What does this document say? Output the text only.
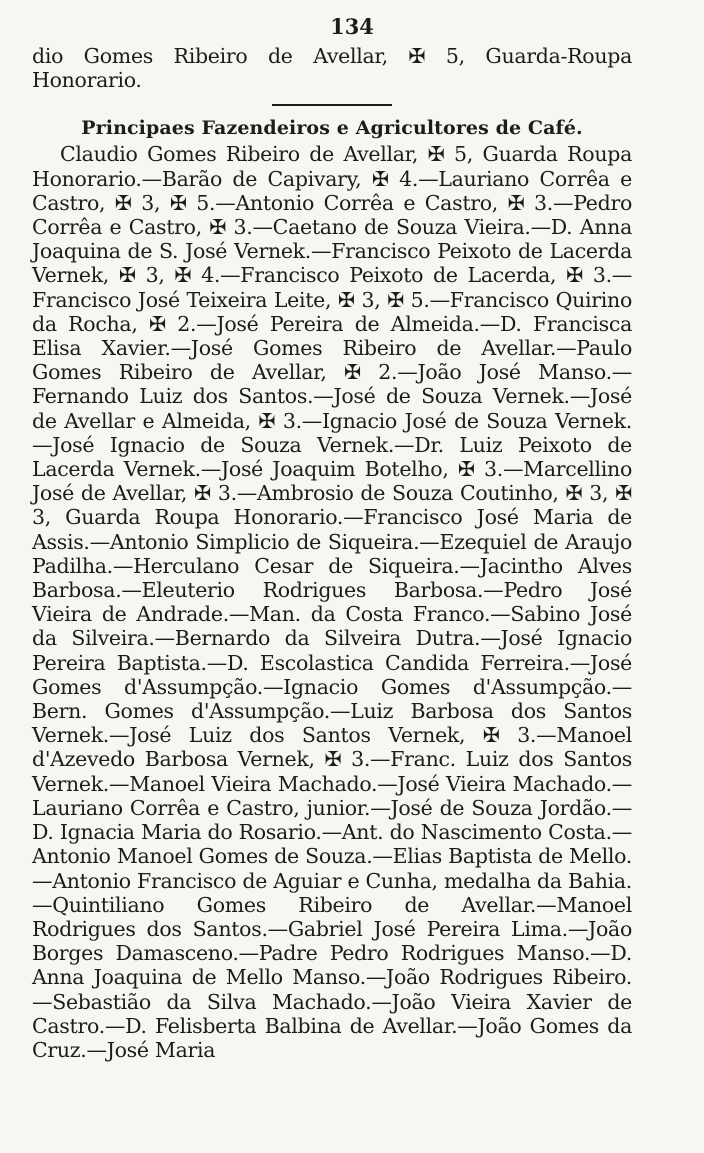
134
dio Gomes Ribeiro de Avellar, ✠ 5, Guarda-Roupa Honorario.
Principaes Fazendeiros e Agricultores de Café.
Claudio Gomes Ribeiro de Avellar, ✠ 5, Guarda Roupa Honorario.—Barão de Capivary, ✠ 4.—Lauriano Corrêa e Castro, ✠ 3, ✠ 5.—Antonio Corrêa e Castro, ✠ 3.—Pedro Corrêa e Castro, ✠ 3.—Caetano de Souza Vieira.—D. Anna Joaquina de S. José Vernek.—Francisco Peixoto de Lacerda Vernek, ✠ 3, ✠ 4.—Francisco Peixoto de Lacerda, ✠ 3.—Francisco José Teixeira Leite, ✠ 3, ✠ 5.—Francisco Quirino da Rocha, ✠ 2.—José Pereira de Almeida.—D. Francisca Elisa Xavier.—José Gomes Ribeiro de Avellar.—Paulo Gomes Ribeiro de Avellar, ✠ 2.—João José Manso.—Fernando Luiz dos Santos.—José de Souza Vernek.—José de Avellar e Almeida, ✠ 3.—Ignacio José de Souza Vernek.—José Ignacio de Souza Vernek.—Dr. Luiz Peixoto de Lacerda Vernek.—José Joaquim Botelho, ✠ 3.—Marcellino José de Avellar, ✠ 3.—Ambrosio de Souza Coutinho, ✠ 3, ✠ 3, Guarda Roupa Honorario.—Francisco José Maria de Assis.—Antonio Simplicio de Siqueira.—Ezequiel de Araujo Padilha.—Herculano Cesar de Siqueira.—Jacintho Alves Barbosa.—Eleuterio Rodrigues Barbosa.—Pedro José Vieira de Andrade.—Man. da Costa Franco.—Sabino José da Silveira.—Bernardo da Silveira Dutra.—José Ignacio Pereira Baptista.—D. Escolastica Candida Ferreira.—José Gomes d'Assumpção.—Ignacio Gomes d'Assumpção.—Bern. Gomes d'Assumpção.—Luiz Barbosa dos Santos Vernek.—José Luiz dos Santos Vernek, ✠ 3.—Manoel d'Azevedo Barbosa Vernek, ✠ 3.—Franc. Luiz dos Santos Vernek.—Manoel Vieira Machado.—José Vieira Machado.—Lauriano Corrêa e Castro, junior.—José de Souza Jordão.—D. Ignacia Maria do Rosario.—Ant. do Nascimento Costa.—Antonio Manoel Gomes de Souza.—Elias Baptista de Mello.—Antonio Francisco de Aguiar e Cunha, medalha da Bahia.—Quintiliano Gomes Ribeiro de Avellar.—Manoel Rodrigues dos Santos.—Gabriel José Pereira Lima.—João Borges Damasceno.—Padre Pedro Rodrigues Manso.—D. Anna Joaquina de Mello Manso.—João Rodrigues Ribeiro.—Sebastião da Silva Machado.—João Vieira Xavier de Castro.—D. Felisberta Balbina de Avellar.—João Gomes da Cruz.—José Maria
